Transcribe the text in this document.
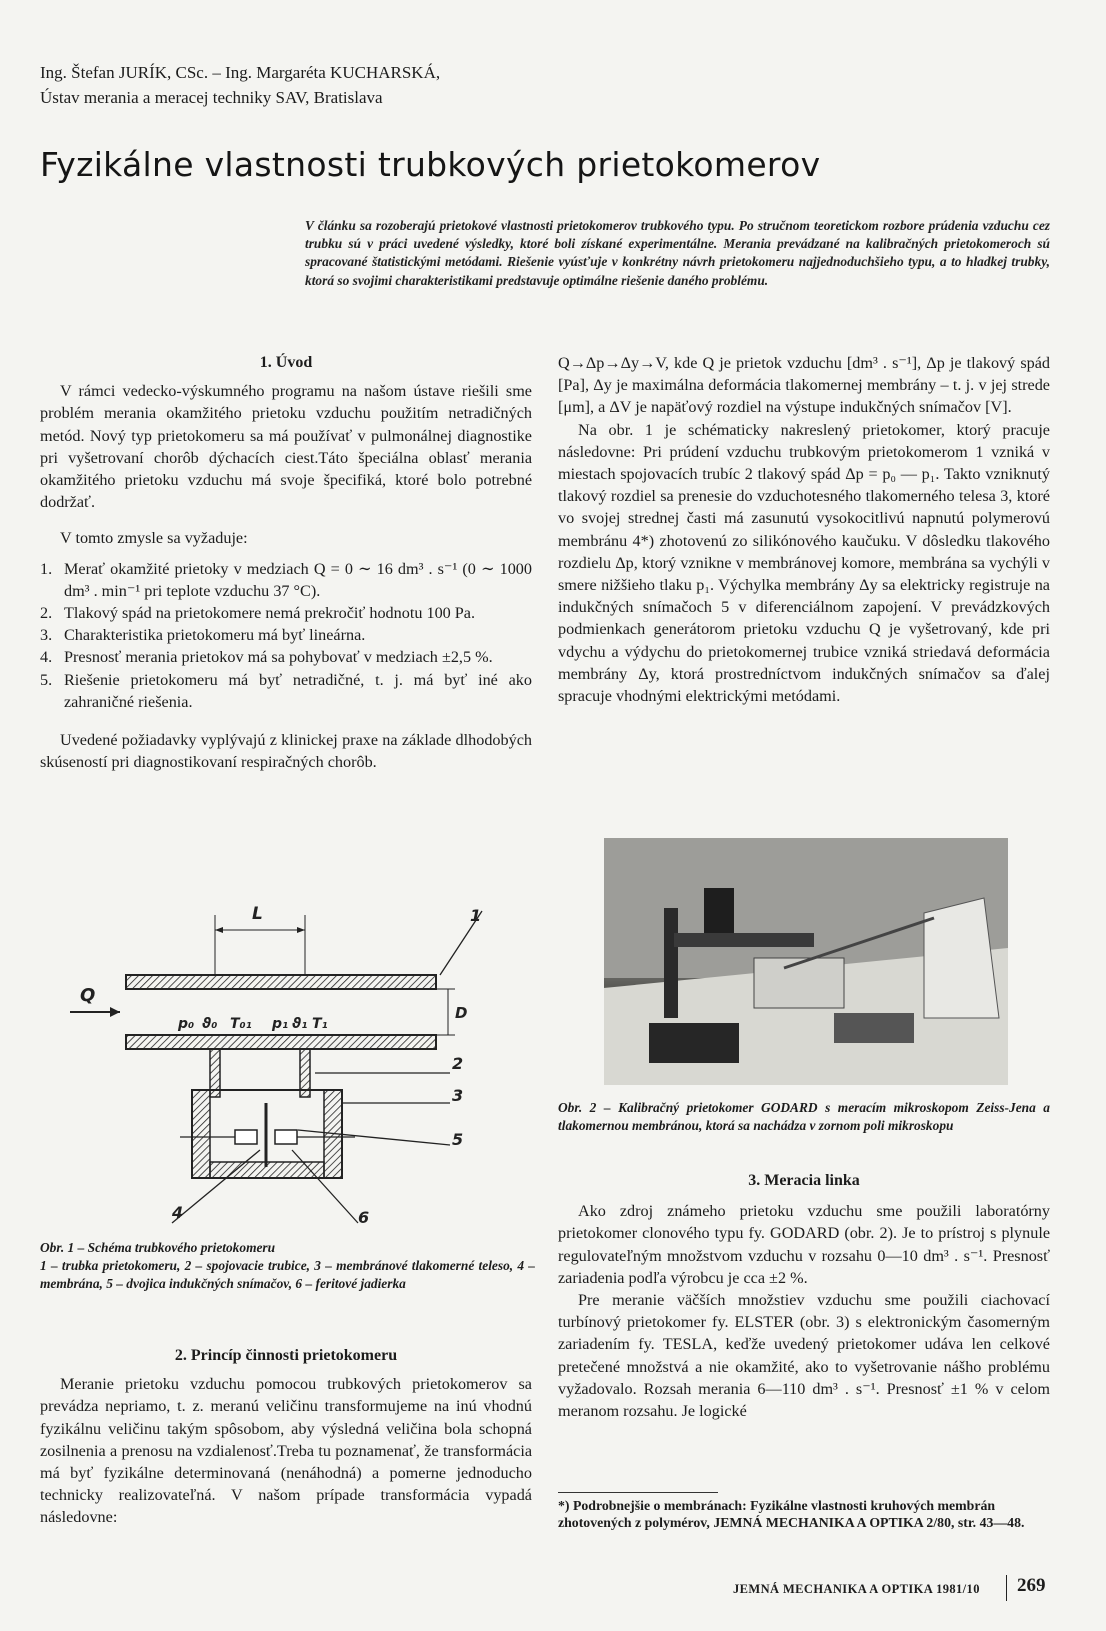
Ing. Štefan JURÍK, CSc. – Ing. Margaréta KUCHARSKÁ,
Ústav merania a meracej techniky SAV, Bratislava
Fyzikálne vlastnosti trubkových prietokomerov
V článku sa rozoberajú prietokové vlastnosti prietokomerov trubkového typu. Po stručnom teoretickom rozbore prúdenia vzduchu cez trubku sú v práci uvedené výsledky, ktoré boli získané experimentálne. Merania prevádzané na kalibračných prietokomeroch sú spracované štatistickými metódami. Riešenie vyúsťuje v konkrétny návrh prietokomeru najjednoduchšieho typu, a to hladkej trubky, ktorá so svojimi charakteristikami predstavuje optimálne riešenie daného problému.
1. Úvod

V rámci vedecko-výskumného programu na našom ústave riešili sme problém merania okamžitého prietoku vzduchu použitím netradičných metód. Nový typ prietokomeru sa má používať v pulmonálnej diagnostike pri vyšetrovaní chorôb dýchacích ciest.Táto špeciálna oblasť merania okamžitého prietoku vzduchu má svoje špecifiká, ktoré bolo potrebné dodržať.

V tomto zmysle sa vyžaduje:

1. Merať okamžité prietoky v medziach Q = 0 ∼ 16 dm³ . s⁻¹ (0 ∼ 1000 dm³ . min⁻¹ pri teplote vzduchu 37 °C).
2. Tlakový spád na prietokomere nemá prekročiť hodnotu 100 Pa.
3. Charakteristika prietokomeru má byť lineárna.
4. Presnosť merania prietokov má sa pohybovať v medziach ±2,5 %.
5. Riešenie prietokomeru má byť netradičné, t. j. má byť iné ako zahraničné riešenia.

Uvedené požiadavky vyplývajú z klinickej praxe na základe dlhodobých skúseností pri diagnostikovaní respiračných chorôb.

L
Q
D
p₀ ϑ₀ T₀₁ p₁ ϑ₁ T₁
1
2
3
5
4	6
Obr. 1 – Schéma trubkového prietokomeru
1 – trubka prietokomeru, 2 – spojovacie trubice, 3 – membránové tlakomerné teleso, 4 – membrána, 5 – dvojica indukčných snímačov, 6 – feritové jadierka
2. Princíp činnosti prietokomeru

Meranie prietoku vzduchu pomocou trubkových prietokomerov sa prevádza nepriamo, t. z. meranú veličinu transformujeme na inú vhodnú fyzikálnu veličinu takým spôsobom, aby výsledná veličina bola schopná zosilnenia a prenosu na vzdialenosť.Treba tu poznamenať, že transformácia má byť fyzikálne determinovaná (nenáhodná) a pomerne jednoducho technicky realizovateľná. V našom prípade transformácia vypadá následovne:

Q→Δp→Δy→V, kde Q je prietok vzduchu [dm³ . s⁻¹], Δp je tlakový spád [Pa], Δy je maximálna deformácia tlakomernej membrány – t. j. v jej strede [μm], a ΔV je napäťový rozdiel na výstupe indukčných snímačov [V].

Na obr. 1 je schématicky nakreslený prietokomer, ktorý pracuje následovne: Pri prúdení vzduchu trubkovým prietokomerom 1 vzniká v miestach spojovacích trubíc 2 tlakový spád Δp = p₀ — p₁. Takto vzniknutý tlakový rozdiel sa prenesie do vzduchotesného tlakomerného telesa 3, ktoré vo svojej strednej časti má zasunutú vysokocitlivú napnutú polymerovú membránu 4*) zhotovenú zo silikónového kaučuku. V dôsledku tlakového rozdielu Δp, ktorý vznikne v membránovej komore, membrána sa vychýli v smere nižšieho tlaku p₁. Výchylka membrány Δy sa elektricky registruje na indukčných snímačoch 5 v diferenciálnom zapojení. V prevádzkových podmienkach generátorom prietoku vzduchu Q je vyšetrovaný, kde pri vdychu a výdychu do prietokomernej trubice vzniká striedavá deformácia membrány Δy, ktorá prostredníctvom indukčných snímačov sa ďalej spracuje vhodnými elektrickými metódami.

Obr. 2 – Kalibračný prietokomer GODARD s meracím mikroskopom Zeiss-Jena a tlakomernou membránou, ktorá sa nachádza v zornom poli mikroskopu
3. Meracia linka

Ako zdroj známeho prietoku vzduchu sme použili laboratórny prietokomer clonového typu fy. GODARD (obr. 2). Je to prístroj s plynule regulovateľným množstvom vzduchu v rozsahu 0—10 dm³ . s⁻¹. Presnosť zariadenia podľa výrobcu je cca ±2 %.

Pre meranie väčších množstiev vzduchu sme použili ciachovací turbínový prietokomer fy. ELSTER (obr. 3) s elektronickým časomerným zariadením fy. TESLA, keďže uvedený prietokomer udáva len celkové pretečené množstvá a nie okamžité, ako to vyšetrovanie nášho problému vyžadovalo. Rozsah merania 6—110 dm³ . s⁻¹. Presnosť ±1 % v celom meranom rozsahu. Je logické

*) Podrobnejšie o membránach: Fyzikálne vlastnosti kruhových membrán zhotovených z polymérov, JEMNÁ MECHANIKA A OPTIKA 2/80, str. 43—48.
JEMNÁ MECHANIKA A OPTIKA 1981/10 269
